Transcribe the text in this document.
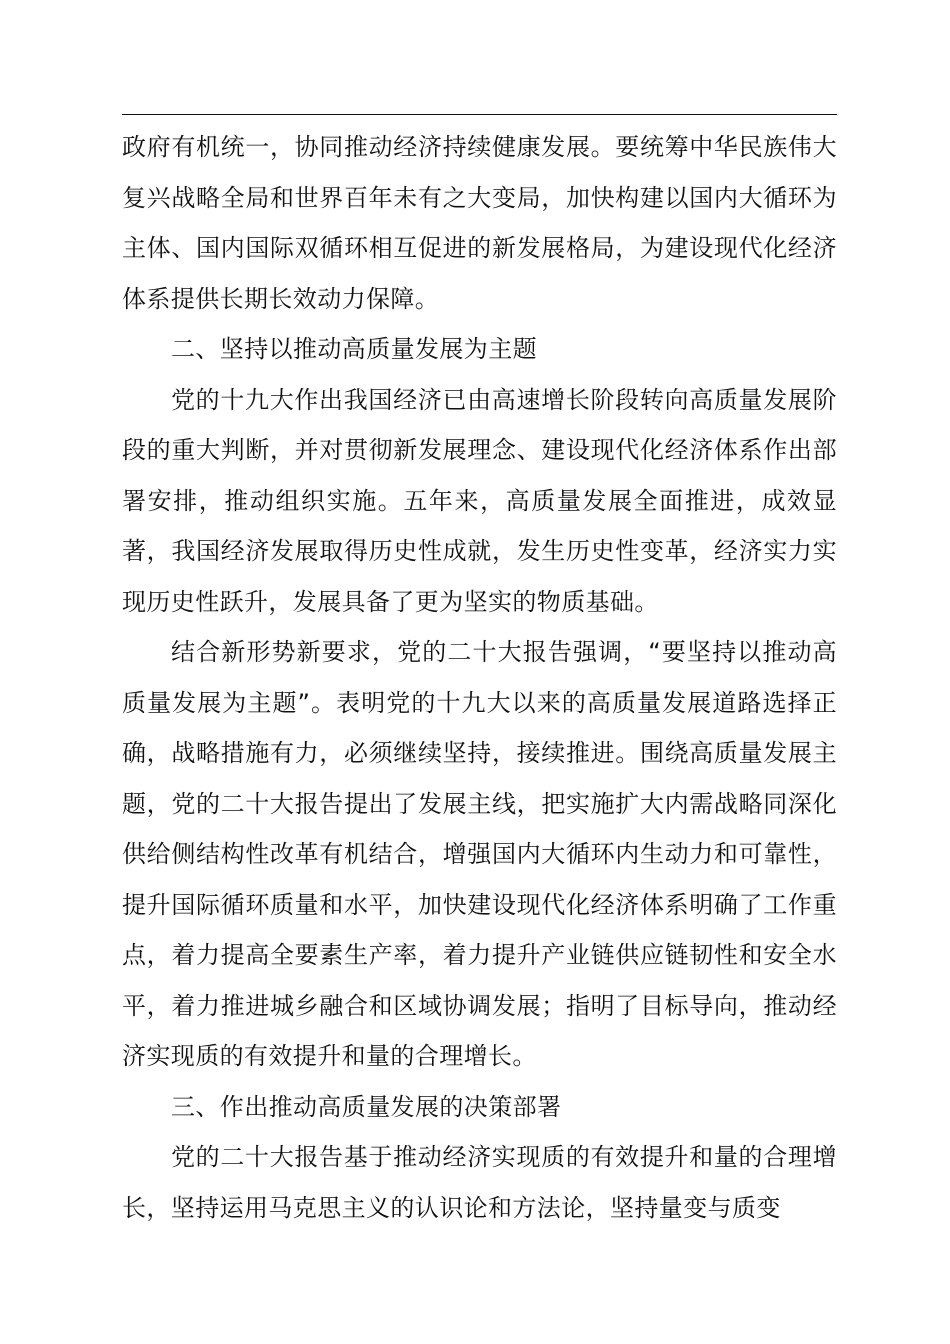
政府有机统一，协同推动经济持续健康发展。要统筹中华民族伟大复兴战略全局和世界百年未有之大变局，加快构建以国内大循环为主体、国内国际双循环相互促进的新发展格局，为建设现代化经济体系提供长期长效动力保障。

二、坚持以推动高质量发展为主题

党的十九大作出我国经济已由高速增长阶段转向高质量发展阶段的重大判断，并对贯彻新发展理念、建设现代化经济体系作出部署安排，推动组织实施。五年来，高质量发展全面推进，成效显著，我国经济发展取得历史性成就，发生历史性变革，经济实力实现历史性跃升，发展具备了更为坚实的物质基础。

结合新形势新要求，党的二十大报告强调，“要坚持以推动高质量发展为主题”。表明党的十九大以来的高质量发展道路选择正确，战略措施有力，必须继续坚持，接续推进。围绕高质量发展主题，党的二十大报告提出了发展主线，把实施扩大内需战略同深化供给侧结构性改革有机结合，增强国内大循环内生动力和可靠性，提升国际循环质量和水平，加快建设现代化经济体系明确了工作重点，着力提高全要素生产率，着力提升产业链供应链韧性和安全水平，着力推进城乡融合和区域协调发展；指明了目标导向，推动经济实现质的有效提升和量的合理增长。

三、作出推动高质量发展的决策部署

党的二十大报告基于推动经济实现质的有效提升和量的合理增长，坚持运用马克思主义的认识论和方法论，坚持量变与质变
